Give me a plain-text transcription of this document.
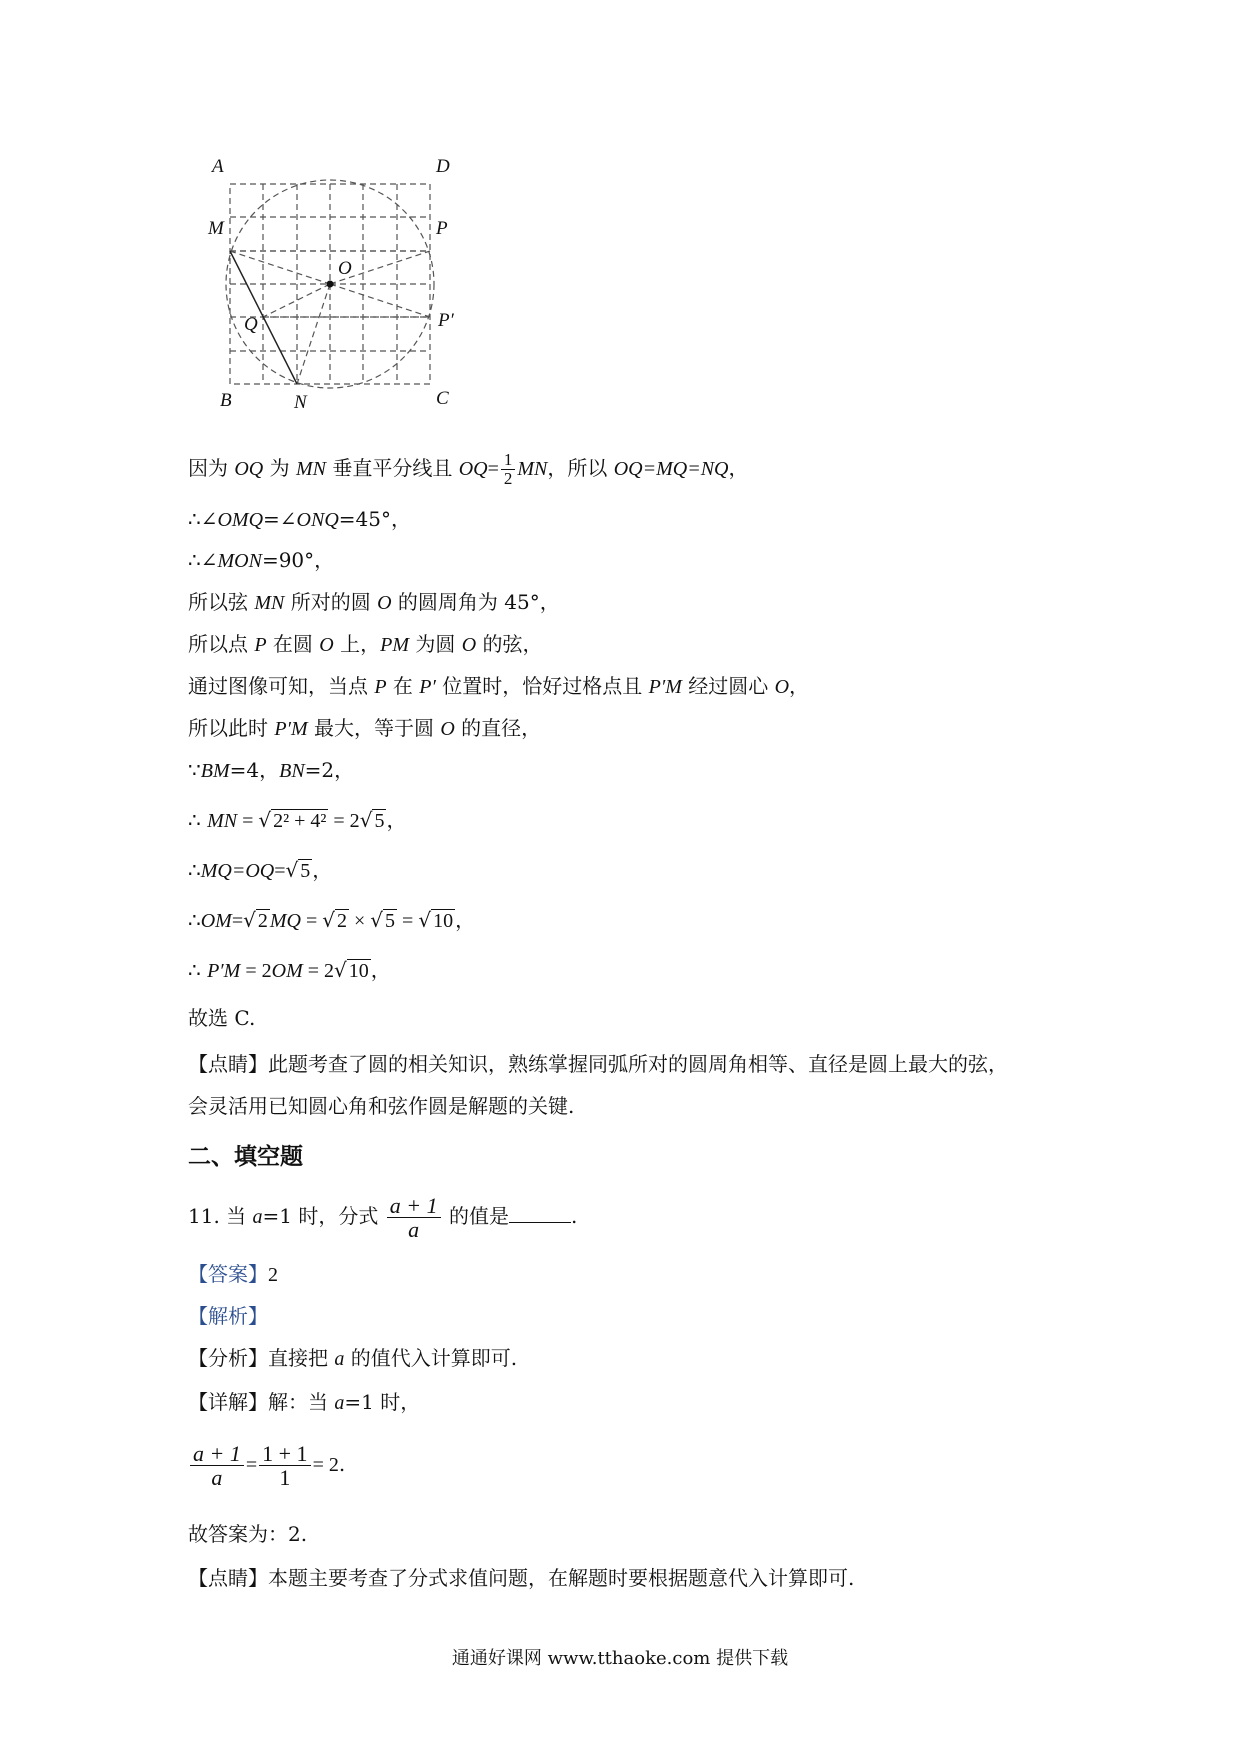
A	D
M	P
O
Q	P′
B	N	C
因为 OQ 为 MN 垂直平分线且 $OQ= \frac{1}{2}$ MN，所以 OQ=MQ=NQ，
∴∠OMQ=∠ONQ=45°，
∴∠MON=90°，
所以弦 MN 所对的圆 O 的圆周角为 45°，
所以点 P 在圆 O 上，PM 为圆 O 的弦，
通过图像可知，当点 P 在 P′ 位置时，恰好过格点且 P′M 经过圆心 O，
所以此时 P′M 最大，等于圆 O 的直径，
∵BM=4，BN=2，
∴ MN = √ 2² + 4² = 2√ 5 ，
∴MQ=OQ=√ 5 ，
∴OM=√ 2 MQ = √ 2 × √ 5 = √ 10 ，
∴ P′M = 2OM = 2√ 10 ，
故选 C.
【点睛】此题考查了圆的相关知识，熟练掌握同弧所对的圆周角相等、直径是圆上最大的弦，
会灵活用已知圆心角和弦作圆是解题的关键.
二、填空题
11. 当 a=1 时，分式 $\frac{a + 1}{a}$ 的值是	.
【答案】2
【解析】
【分析】直接把 a 的值代入计算即可.
【详解】解：当 a=1 时，
$\frac{a + 1}{a} = \frac{1 + 1}{1} = 2$.
故答案为：2.
【点睛】本题主要考查了分式求值问题，在解题时要根据题意代入计算即可.
通通好课网 www.tthaoke.com 提供下载
